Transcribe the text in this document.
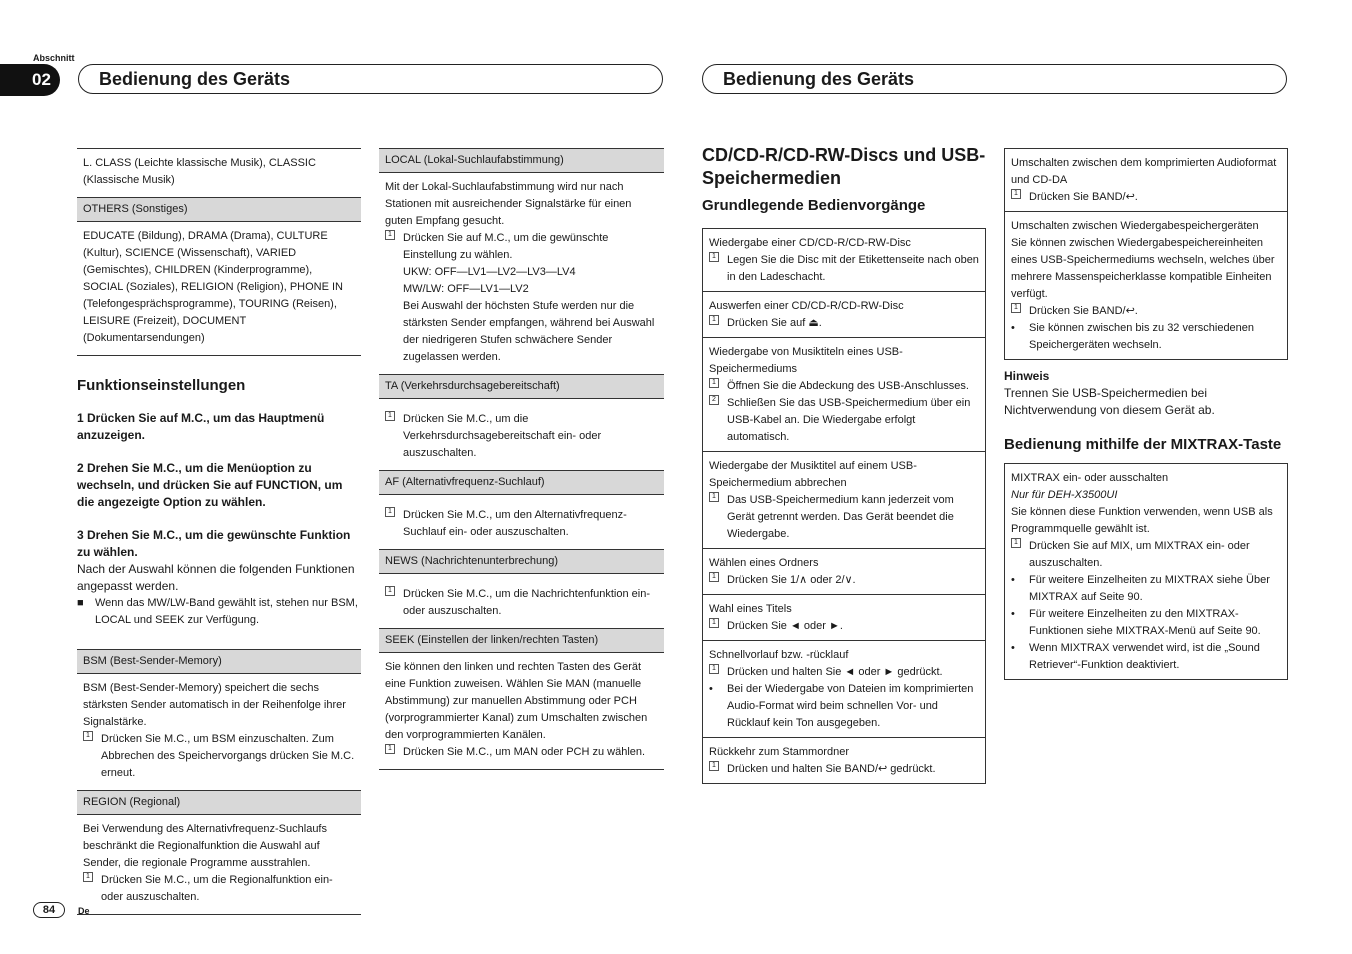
Abschnitt
02	Bedienung des Geräts	Bedienung des Geräts
L. CLASS (Leichte klassische Musik), CLASSIC (Klassische Musik)
OTHERS (Sonstiges)
EDUCATE (Bildung), DRAMA (Drama), CULTURE (Kultur), SCIENCE (Wissenschaft), VARIED (Gemischtes), CHILDREN (Kinderprogramme), SOCIAL (Soziales), RELIGION (Religion), PHONE IN (Telefongesprächsprogramme), TOURING (Reisen), LEISURE (Freizeit), DOCUMENT (Dokumentarsendungen)
Funktionseinstellungen
1 Drücken Sie auf M.C., um das Hauptmenü anzuzeigen.
2 Drehen Sie M.C., um die Menüoption zu wechseln, und drücken Sie auf FUNCTION, um die angezeigte Option zu wählen.
3 Drehen Sie M.C., um die gewünschte Funktion zu wählen.
Nach der Auswahl können die folgenden Funktionen angepasst werden.
■	Wenn das MW/LW-Band gewählt ist, stehen nur BSM, LOCAL und SEEK zur Verfügung.
BSM (Best-Sender-Memory)
BSM (Best-Sender-Memory) speichert die sechs stärksten Sender automatisch in der Reihenfolge ihrer Signalstärke.
1 Drücken Sie M.C., um BSM einzuschalten. Zum Abbrechen des Speichervorgangs drücken Sie M.C. erneut.
REGION (Regional)
Bei Verwendung des Alternativfrequenz-Suchlaufs beschränkt die Regionalfunktion die Auswahl auf Sender, die regionale Programme ausstrahlen.
1 Drücken Sie M.C., um die Regionalfunktion ein- oder auszuschalten.
LOCAL (Lokal-Suchlaufabstimmung)
Mit der Lokal-Suchlaufabstimmung wird nur nach Stationen mit ausreichender Signalstärke für einen guten Empfang gesucht.
1 Drücken Sie auf M.C., um die gewünschte Einstellung zu wählen.
UKW: OFF—LV1—LV2—LV3—LV4
MW/LW: OFF—LV1—LV2
Bei Auswahl der höchsten Stufe werden nur die stärksten Sender empfangen, während bei Auswahl der niedrigeren Stufen schwächere Sender zugelassen werden.
TA (Verkehrsdurchsagebereitschaft)
1 Drücken Sie M.C., um die Verkehrsdurchsagebereitschaft ein- oder auszuschalten.
AF (Alternativfrequenz-Suchlauf)
1 Drücken Sie M.C., um den Alternativfrequenz-Suchlauf ein- oder auszuschalten.
NEWS (Nachrichtenunterbrechung)
1 Drücken Sie M.C., um die Nachrichtenfunktion ein- oder auszuschalten.
SEEK (Einstellen der linken/rechten Tasten)
Sie können den linken und rechten Tasten des Gerät eine Funktion zuweisen. Wählen Sie MAN (manuelle Abstimmung) zur manuellen Abstimmung oder PCH (vorprogrammierter Kanal) zum Umschalten zwischen den vorprogrammierten Kanälen.
1 Drücken Sie M.C., um MAN oder PCH zu wählen.
CD/CD-R/CD-RW-Discs und USB-Speichermedien
Grundlegende Bedienvorgänge
Wiedergabe einer CD/CD-R/CD-RW-Disc
1 Legen Sie die Disc mit der Etikettenseite nach oben in den Ladeschacht.
Auswerfen einer CD/CD-R/CD-RW-Disc
1 Drücken Sie auf ⏏.
Wiedergabe von Musiktiteln eines USB-Speichermediums
1 Öffnen Sie die Abdeckung des USB-Anschlusses.
2 Schließen Sie das USB-Speichermedium über ein USB-Kabel an. Die Wiedergabe erfolgt automatisch.
Wiedergabe der Musiktitel auf einem USB-Speichermedium abbrechen
1 Das USB-Speichermedium kann jederzeit vom Gerät getrennt werden. Das Gerät beendet die Wiedergabe.
Wählen eines Ordners
1 Drücken Sie 1/∧ oder 2/∨.
Wahl eines Titels
1 Drücken Sie ◄ oder ►.
Schnellvorlauf bzw. -rücklauf
1 Drücken und halten Sie ◄ oder ► gedrückt.
•	Bei der Wiedergabe von Dateien im komprimierten Audio-Format wird beim schnellen Vor- und Rücklauf kein Ton ausgegeben.
Rückkehr zum Stammordner
1 Drücken und halten Sie BAND/↩ gedrückt.
Umschalten zwischen dem komprimierten Audioformat und CD-DA
1 Drücken Sie BAND/↩.
Umschalten zwischen Wiedergabespeichergeräten
Sie können zwischen Wiedergabespeichereinheiten eines USB-Speichermediums wechseln, welches über mehrere Massenspeicherklasse kompatible Einheiten verfügt.
1 Drücken Sie BAND/↩.
•	Sie können zwischen bis zu 32 verschiedenen Speichergeräten wechseln.
Hinweis
Trennen Sie USB-Speichermedien bei Nichtverwendung von diesem Gerät ab.
Bedienung mithilfe der MIXTRAX-Taste
MIXTRAX ein- oder ausschalten
Nur für DEH-X3500UI
Sie können diese Funktion verwenden, wenn USB als Programmquelle gewählt ist.
1 Drücken Sie auf MIX, um MIXTRAX ein- oder auszuschalten.
•	Für weitere Einzelheiten zu MIXTRAX siehe Über MIXTRAX auf Seite 90.
•	Für weitere Einzelheiten zu den MIXTRAX-Funktionen siehe MIXTRAX-Menü auf Seite 90.
•	Wenn MIXTRAX verwendet wird, ist die „Sound Retriever“-Funktion deaktiviert.
84	De
